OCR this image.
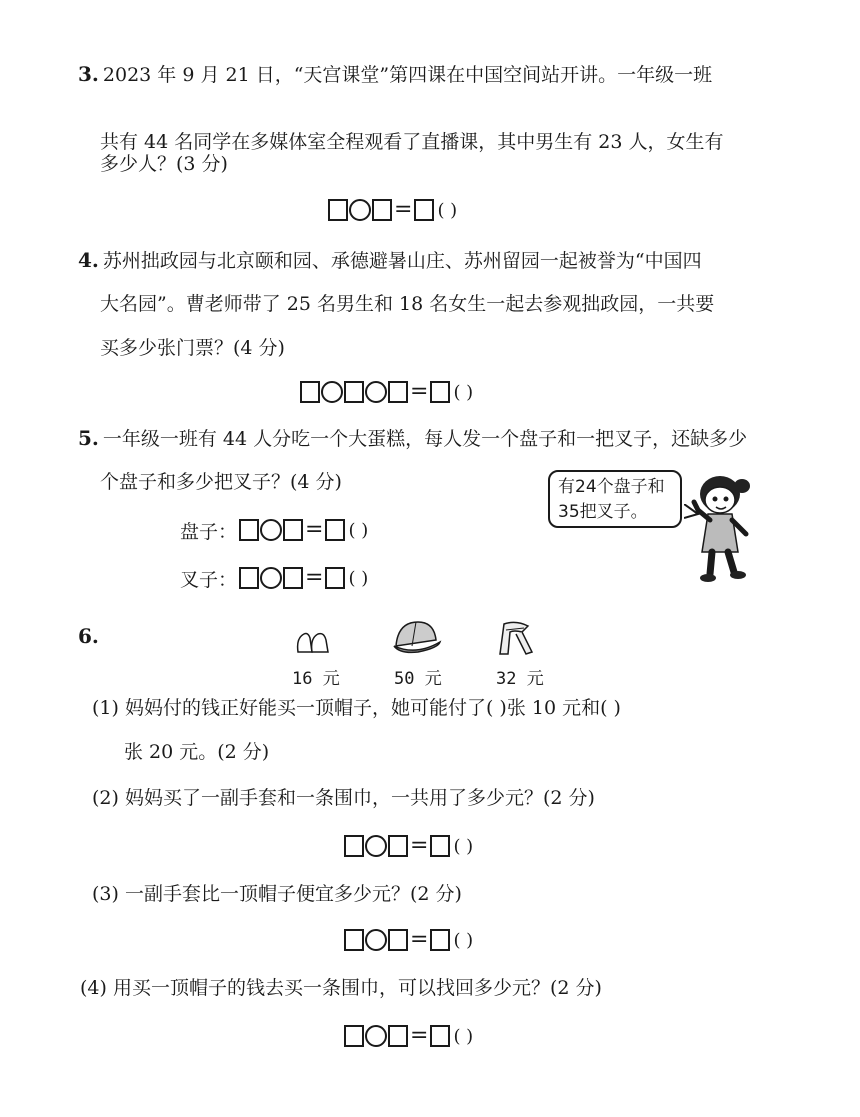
3. 2023 年 9 月 21 日，“天宫课堂”第四课在中国空间站开讲。一年级一班
共有 44 名同学在多媒体室全程观看了直播课，其中男生有 23 人，女生有
多少人？(3 分)
= ( )
4. 苏州拙政园与北京颐和园、承德避暑山庄、苏州留园一起被誉为“中国四
大名园”。曹老师带了 25 名男生和 18 名女生一起去参观拙政园，一共要
买多少张门票？(4 分)
= ( )
5. 一年级一班有 44 人分吃一个大蛋糕，每人发一个盘子和一把叉子，还缺多少
个盘子和多少把叉子？(4 分)
盘子：	= ( )
叉子：	= ( )
有24个盘子和
35把叉子。
6.
16 元	50 元	32 元
(1) 妈妈付的钱正好能买一顶帽子，她可能付了( )张 10 元和( )
张 20 元。(2 分)
(2) 妈妈买了一副手套和一条围巾，一共用了多少元？(2 分)
= ( )
(3) 一副手套比一顶帽子便宜多少元？(2 分)
= ( )
(4) 用买一顶帽子的钱去买一条围巾，可以找回多少元？(2 分)
= ( )
